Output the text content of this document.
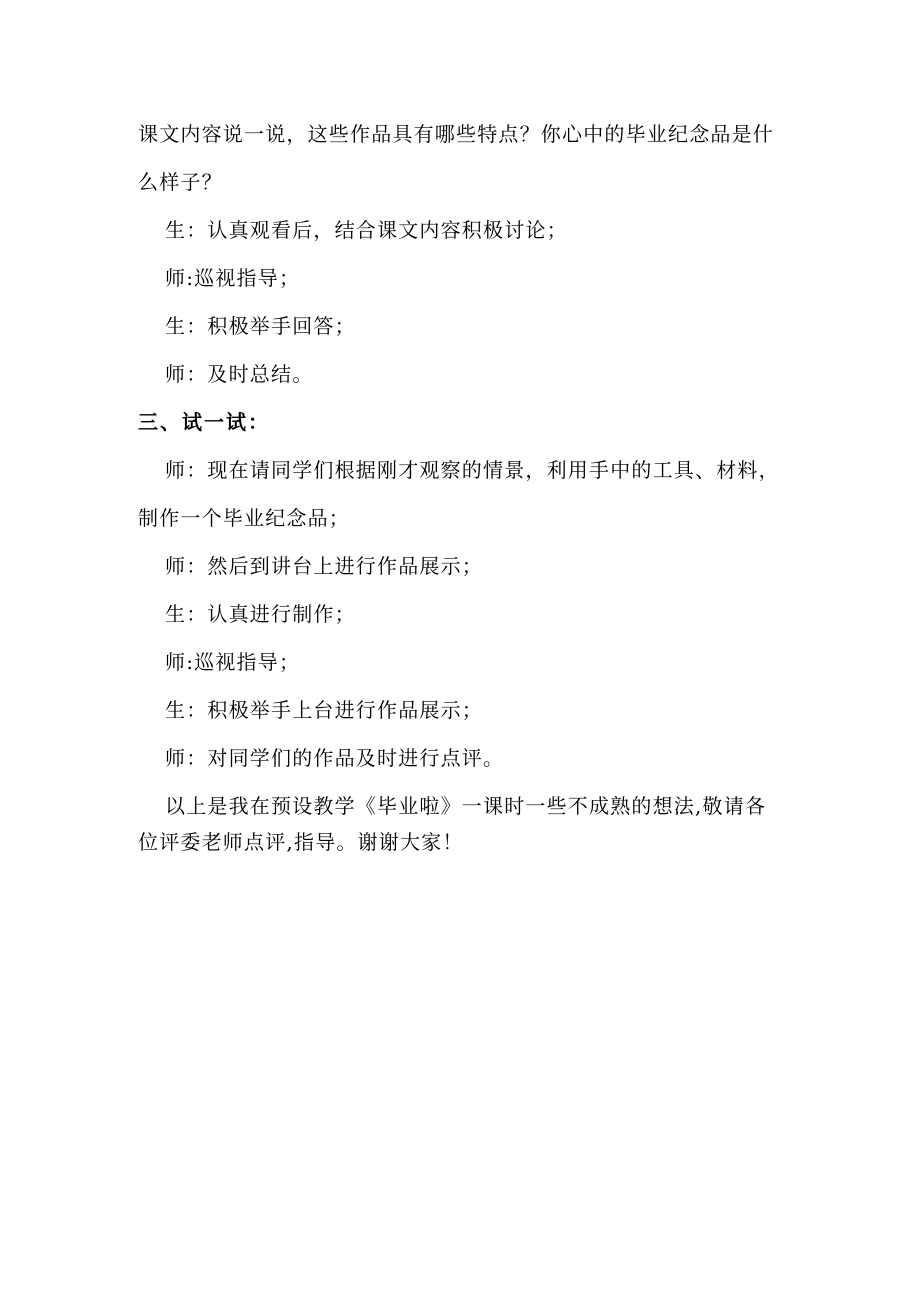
课文内容说一说，这些作品具有哪些特点？你心中的毕业纪念品是什
么样子？
生：认真观看后，结合课文内容积极讨论；
师:巡视指导；
生：积极举手回答；
师：及时总结。
三、试一试：
师：现在请同学们根据刚才观察的情景，利用手中的工具、材料，
制作一个毕业纪念品；
师：然后到讲台上进行作品展示；
生：认真进行制作；
师:巡视指导；
生：积极举手上台进行作品展示；
师：对同学们的作品及时进行点评。
以上是我在预设教学《毕业啦》一课时一些不成熟的想法,敬请各
位评委老师点评,指导。谢谢大家！
